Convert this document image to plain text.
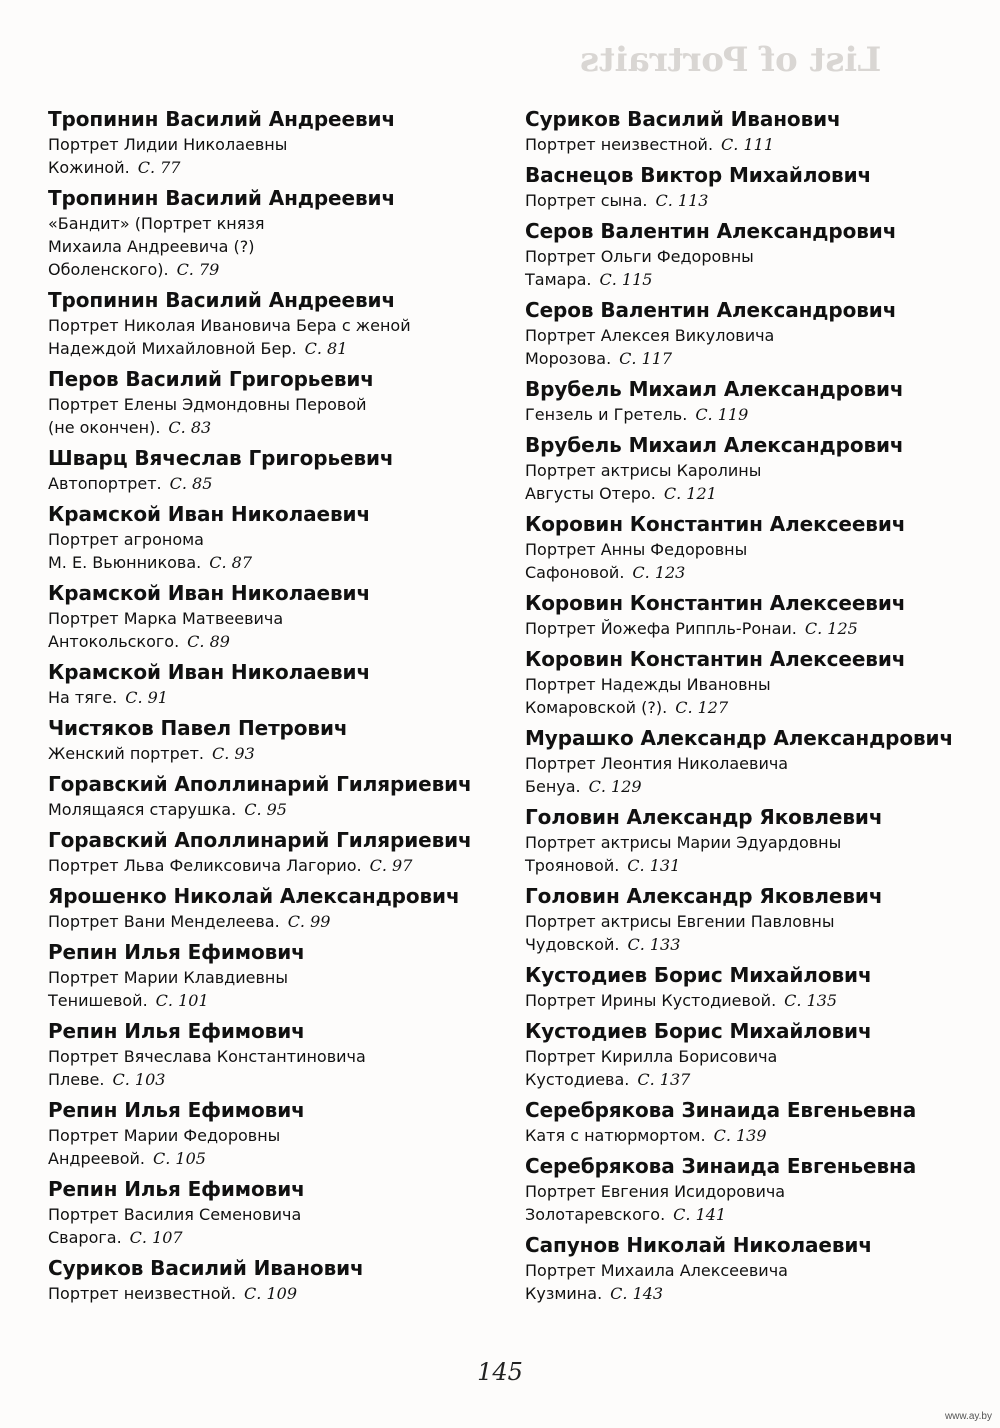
List of Portraits
Тропинин Василий Андреевич
Портрет Лидии Николаевны
Кожиной. С. 77
Тропинин Василий Андреевич
«Бандит» (Портрет князя
Михаила Андреевича (?)
Оболенского). С. 79
Тропинин Василий Андреевич
Портрет Николая Ивановича Бера с женой
Надеждой Михайловной Бер. С. 81
Перов Василий Григорьевич
Портрет Елены Эдмондовны Перовой
(не окончен). С. 83
Шварц Вячеслав Григорьевич
Автопортрет. С. 85
Крамской Иван Николаевич
Портрет агронома
М. Е. Вьюнникова. С. 87
Крамской Иван Николаевич
Портрет Марка Матвеевича
Антокольского. С. 89
Крамской Иван Николаевич
На тяге. С. 91
Чистяков Павел Петрович
Женский портрет. С. 93
Горавский Аполлинарий Гиляриевич
Молящаяся старушка. С. 95
Горавский Аполлинарий Гиляриевич
Портрет Льва Феликсовича Лагорио. С. 97
Ярошенко Николай Александрович
Портрет Вани Менделеева. С. 99
Репин Илья Ефимович
Портрет Марии Клавдиевны
Тенишевой. С. 101
Репин Илья Ефимович
Портрет Вячеслава Константиновича
Плеве. С. 103
Репин Илья Ефимович
Портрет Марии Федоровны
Андреевой. С. 105
Репин Илья Ефимович
Портрет Василия Семеновича
Сварога. С. 107
Суриков Василий Иванович
Портрет неизвестной. С. 109
Суриков Василий Иванович
Портрет неизвестной. С. 111
Васнецов Виктор Михайлович
Портрет сына. С. 113
Серов Валентин Александрович
Портрет Ольги Федоровны
Тамара. С. 115
Серов Валентин Александрович
Портрет Алексея Викуловича
Морозова. С. 117
Врубель Михаил Александрович
Гензель и Гретель. С. 119
Врубель Михаил Александрович
Портрет актрисы Каролины
Августы Отеро. С. 121
Коровин Константин Алексеевич
Портрет Анны Федоровны
Сафоновой. С. 123
Коровин Константин Алексеевич
Портрет Йожефа Риппль-Ронаи. С. 125
Коровин Константин Алексеевич
Портрет Надежды Ивановны
Комаровской (?). С. 127
Мурашко Александр Александрович
Портрет Леонтия Николаевича
Бенуа. С. 129
Головин Александр Яковлевич
Портрет актрисы Марии Эдуардовны
Трояновой. С. 131
Головин Александр Яковлевич
Портрет актрисы Евгении Павловны
Чудовской. С. 133
Кустодиев Борис Михайлович
Портрет Ирины Кустодиевой. С. 135
Кустодиев Борис Михайлович
Портрет Кирилла Борисовича
Кустодиева. С. 137
Серебрякова Зинаида Евгеньевна
Катя с натюрмортом. С. 139
Серебрякова Зинаида Евгеньевна
Портрет Евгения Исидоровича
Золотаревского. С. 141
Сапунов Николай Николаевич
Портрет Михаила Алексеевича
Кузмина. С. 143
145
www.ay.by
